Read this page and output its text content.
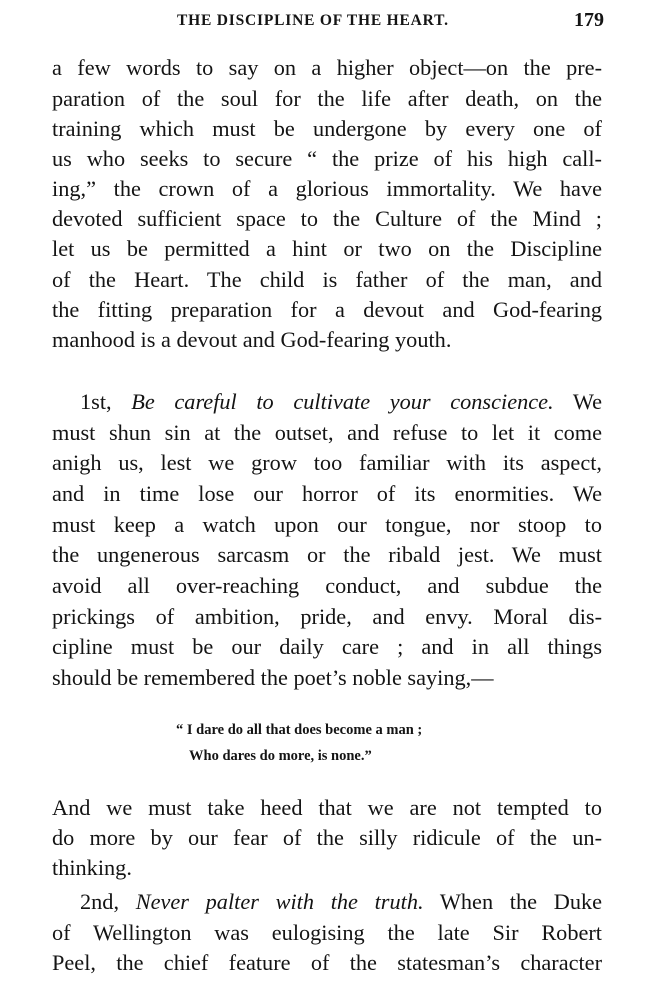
THE DISCIPLINE OF THE HEART.	179
a few words to say on a higher object—on the pre-
paration of the soul for the life after death, on the
training which must be undergone by every one of
us who seeks to secure “ the prize of his high call-
ing,” the crown of a glorious immortality. We have
devoted sufficient space to the Culture of the Mind ;
let us be permitted a hint or two on the Discipline
of the Heart. The child is father of the man, and
the fitting preparation for a devout and God-fearing
manhood is a devout and God-fearing youth.
1st, Be careful to cultivate your conscience. We
must shun sin at the outset, and refuse to let it come
anigh us, lest we grow too familiar with its aspect,
and in time lose our horror of its enormities. We
must keep a watch upon our tongue, nor stoop to
the ungenerous sarcasm or the ribald jest. We must
avoid all over-reaching conduct, and subdue the
prickings of ambition, pride, and envy. Moral dis-
cipline must be our daily care ; and in all things
should be remembered the poet’s noble saying,—
“ I dare do all that does become a man ;
Who dares do more, is none.”
And we must take heed that we are not tempted to
do more by our fear of the silly ridicule of the un-
thinking.
2nd, Never palter with the truth. When the Duke
of Wellington was eulogising the late Sir Robert
Peel, the chief feature of the statesman’s character
